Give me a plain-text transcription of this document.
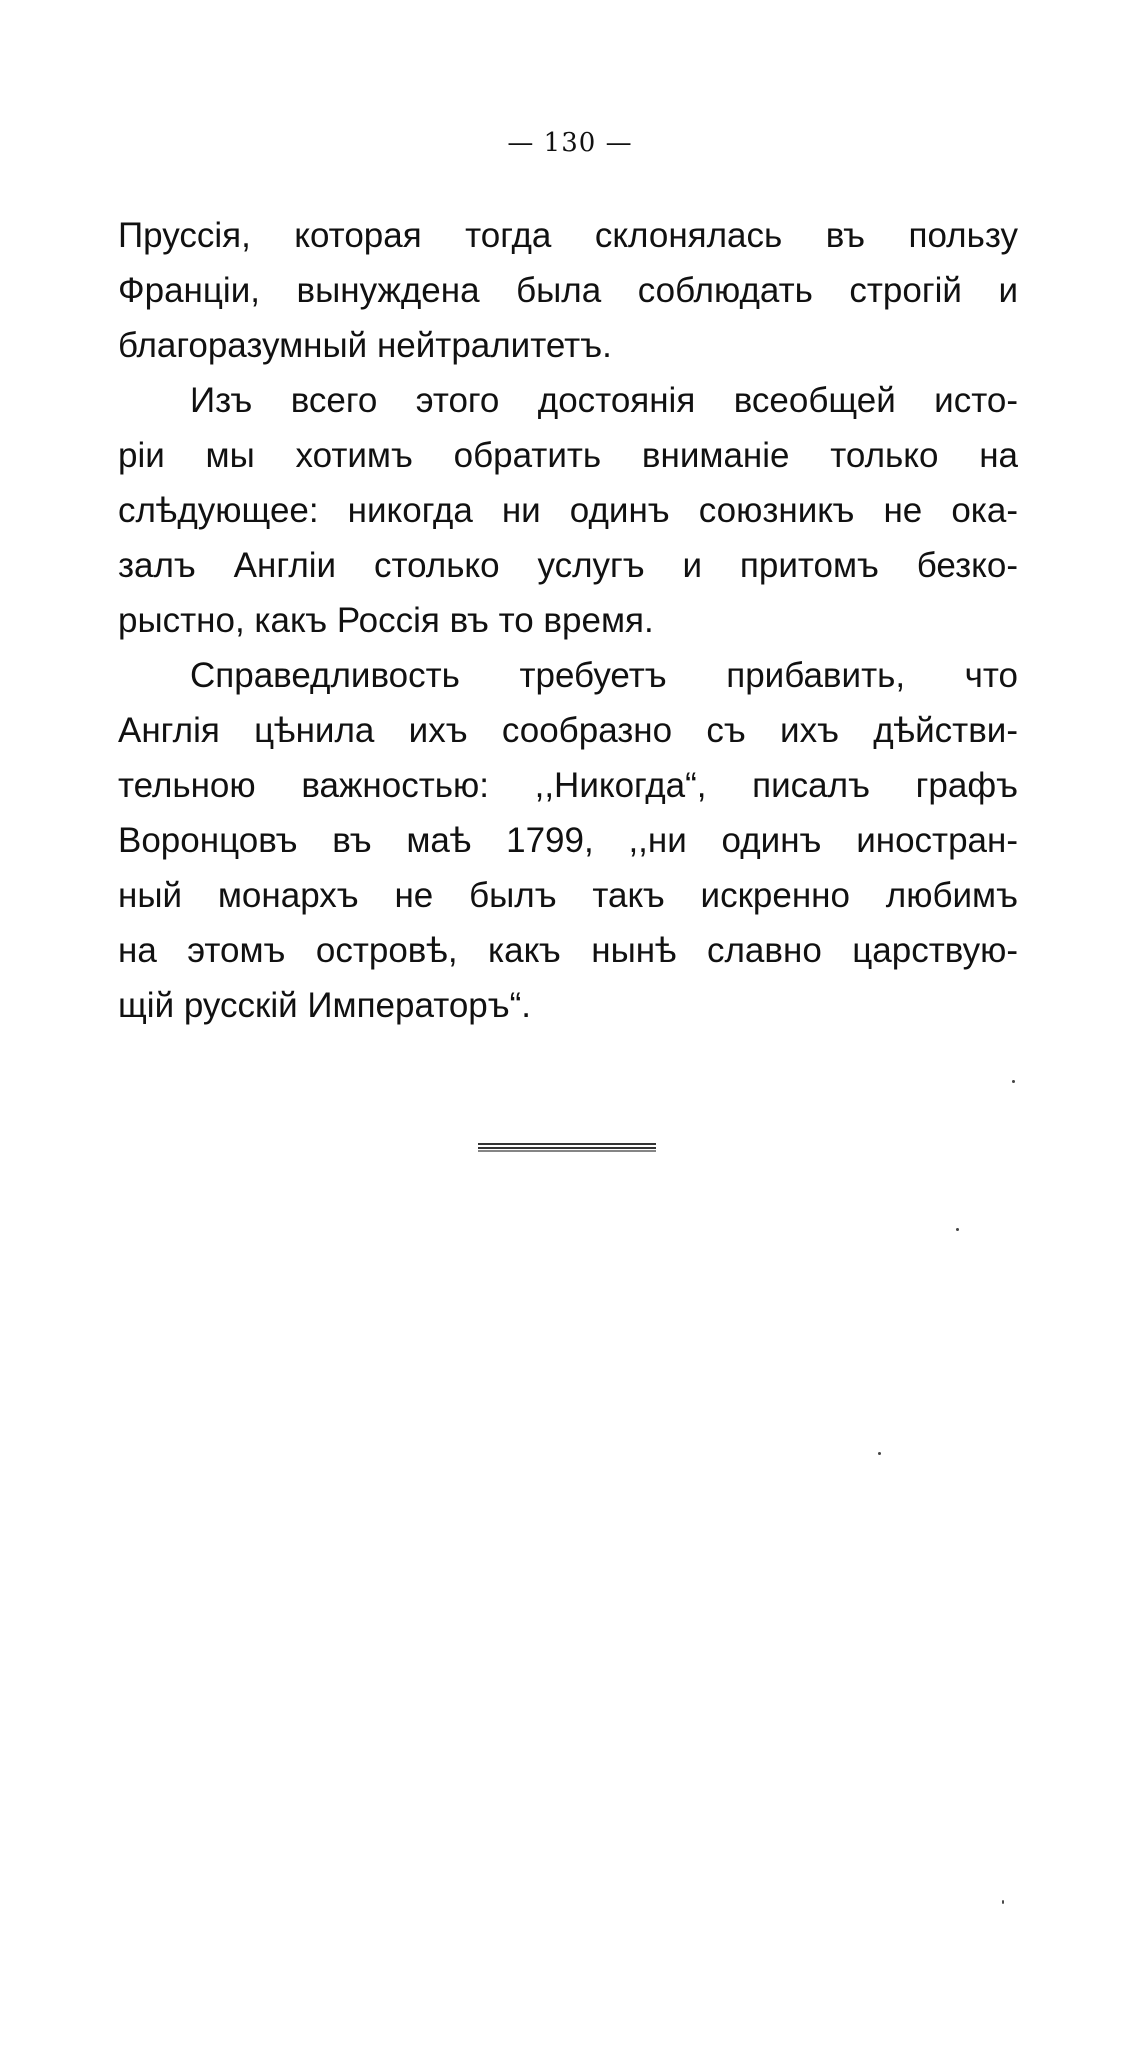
— 130 —

Пруссія, которая тогда склонялась въ пользу
Франціи, вынуждена была соблюдать строгій и
благоразумный нейтралитетъ.

Изъ всего этого достоянія всеобщей исто-
ріи мы хотимъ обратить вниманіе только на
слѣдующее: никогда ни одинъ союзникъ не ока-
залъ Англіи столько услугъ и притомъ безко-
рыстно, какъ Россія въ то время.

Справедливость требуетъ прибавить, что
Англія цѣнила ихъ сообразно съ ихъ дѣйстви-
тельною важностью: ,,Никогда“, писалъ графъ
Воронцовъ въ маѣ 1799, ,,ни одинъ иностран-
ный монархъ не былъ такъ искренно любимъ
на этомъ островѣ, какъ нынѣ славно царствую-
щій русскій Императоръ“.
